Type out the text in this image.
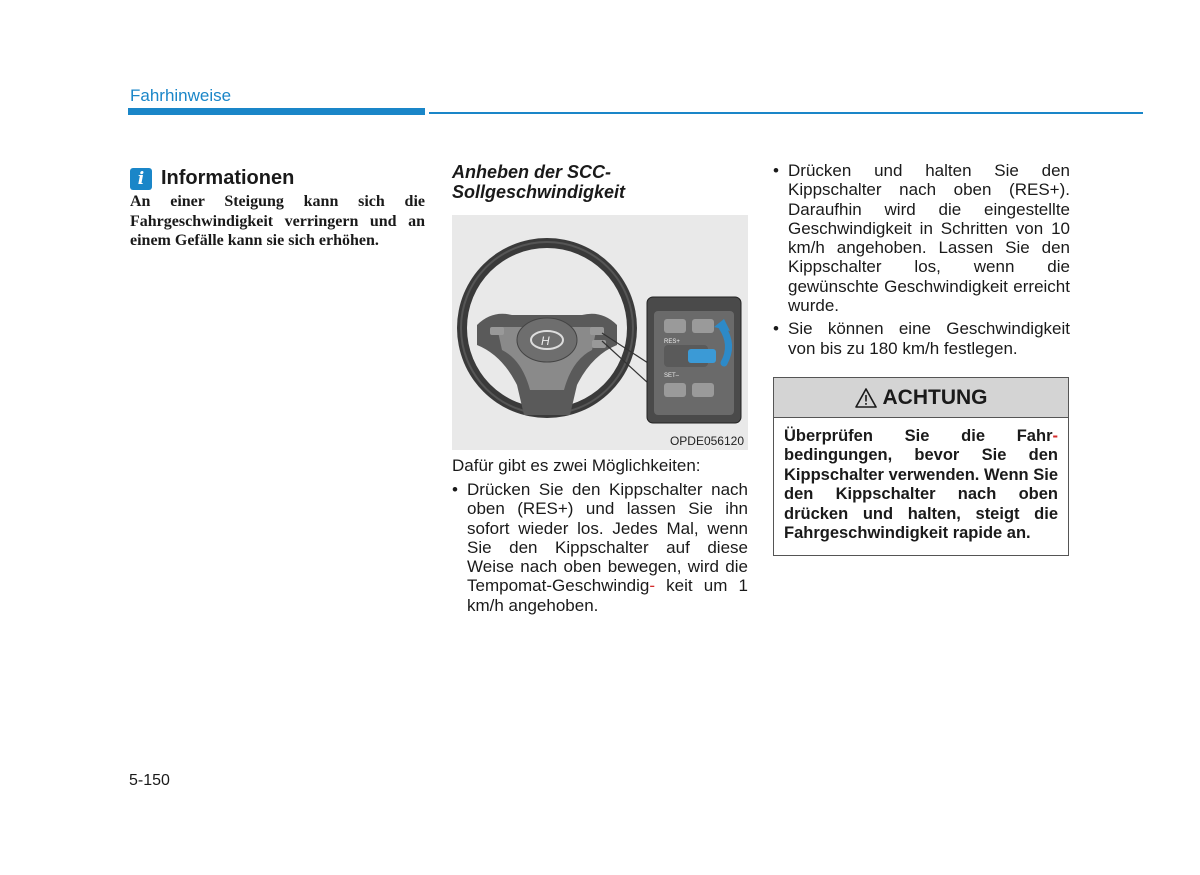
Fahrhinweise
i Informationen

An einer Steigung kann sich die Fahrgeschwindigkeit verringern und an einem Gefälle kann sie sich erhöhen.

Anheben der SCC-
Sollgeschwindigkeit
H	RES+
SET–
OPDE056120

Dafür gibt es zwei Möglichkeiten:

• Drücken Sie den Kippschalter nach oben (RES+) und lassen Sie ihn sofort wieder los. Jedes Mal, wenn Sie den Kippschalter auf diese Weise nach oben bewegen, wird die Tempomat-Geschwindig- keit um 1 km/h angehoben.
• Drücken und halten Sie den Kippschalter nach oben (RES+). Daraufhin wird die eingestellte Geschwindigkeit in Schritten von 10 km/h angehoben. Lassen Sie den Kippschalter los, wenn die gewünschte Geschwindigkeit erreicht wurde.
• Sie können eine Geschwindigkeit von bis zu 180 km/h festlegen.
ACHTUNG

Überprüfen Sie die Fahr- bedingungen, bevor Sie den Kippschalter verwenden. Wenn Sie den Kippschalter nach oben drücken und halten, steigt die Fahrgeschwindigkeit rapide an.

5-150
